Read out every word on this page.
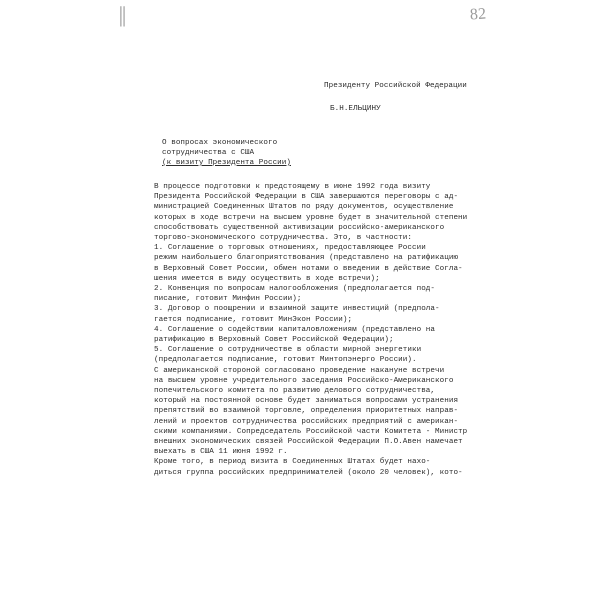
||	82
Президенту Российской Федерации
Б.Н.ЕЛЬЦИНУ
О вопросах экономического
сотрудничества с США
(к визиту Президента России)
В процессе подготовки к предстоящему в июне 1992 года визиту
Президента Российской Федерации в США завершаются переговоры с ад-
министрацией Соединенных Штатов по ряду документов, осуществление
которых в ходе встречи на высшем уровне будет в значительной степени
способствовать существенной активизации российско-американского
торгово-экономического сотрудничества. Это, в частности:
1. Соглашение о торговых отношениях, предоставляющее России
режим наибольшего благоприятствования (представлено на ратификацию
в Верховный Совет России, обмен нотами о введении в действие Согла-
шения имеется в виду осуществить в ходе встречи);
2. Конвенция по вопросам налогообложения (предполагается под-
писание, готовит Минфин России);
3. Договор о поощрении и взаимной защите инвестиций (предпола-
гается подписание, готовит МинЭкон России);
4. Соглашение о содействии капиталовложениям (представлено на
ратификацию в Верховный Совет Российской Федерации);
5. Соглашение о сотрудничестве в области мирной энергетики
(предполагается подписание, готовит Минтопэнерго России).
С американской стороной согласовано проведение накануне встречи
на высшем уровне учредительного заседания Российско-Американского
попечительского комитета по развитию делового сотрудничества,
который на постоянной основе будет заниматься вопросами устранения
препятствий во взаимной торговле, определения приоритетных направ-
лений и проектов сотрудничества российских предприятий с американ-
скими компаниями. Сопредседатель Российской части Комитета - Министр
внешних экономических связей Российской Федерации П.О.Авен намечает
выехать в США 11 июня 1992 г.
Кроме того, в период визита в Соединенных Штатах будет нахо-
диться группа российских предпринимателей (около 20 человек), кото-
